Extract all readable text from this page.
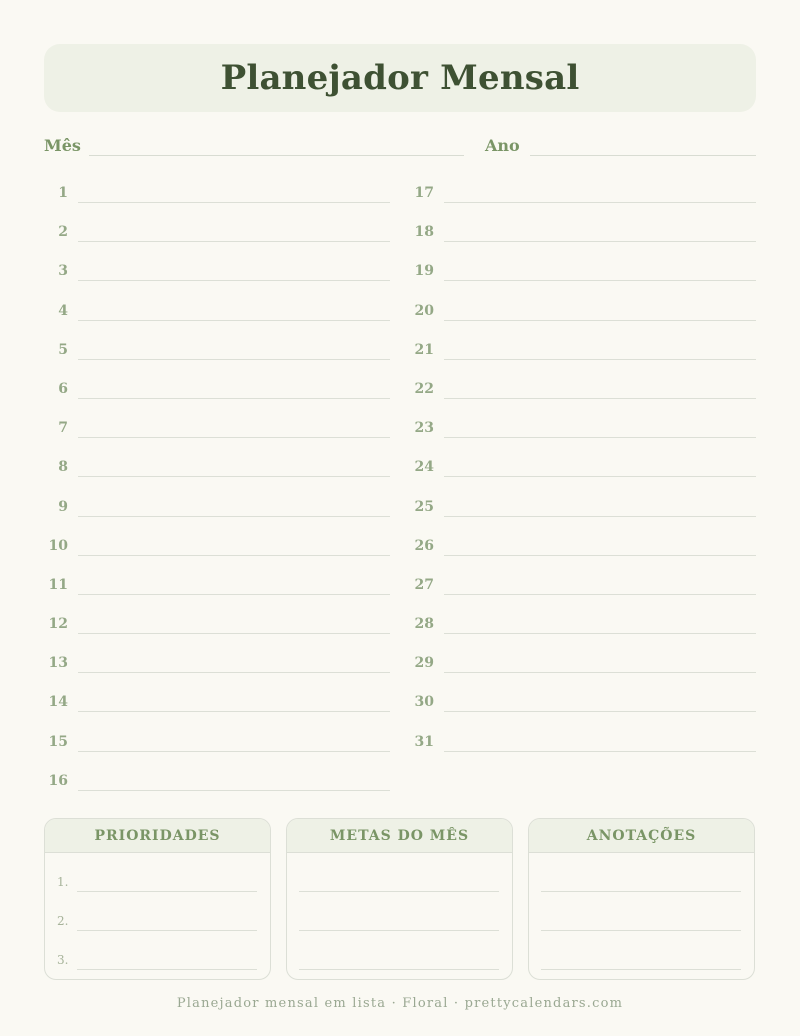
Planejador Mensal
Mês	Ano
1
2
3
4
5
6
7
8
9
10
11
12
13
14
15
16
17
18
19
20
21
22
23
24
25
26
27
28
29
30
31
PRIORIDADES
1.
2.
3.
METAS DO MÊS	ANOTAÇÕES
Planejador mensal em lista · Floral · prettycalendars.com
